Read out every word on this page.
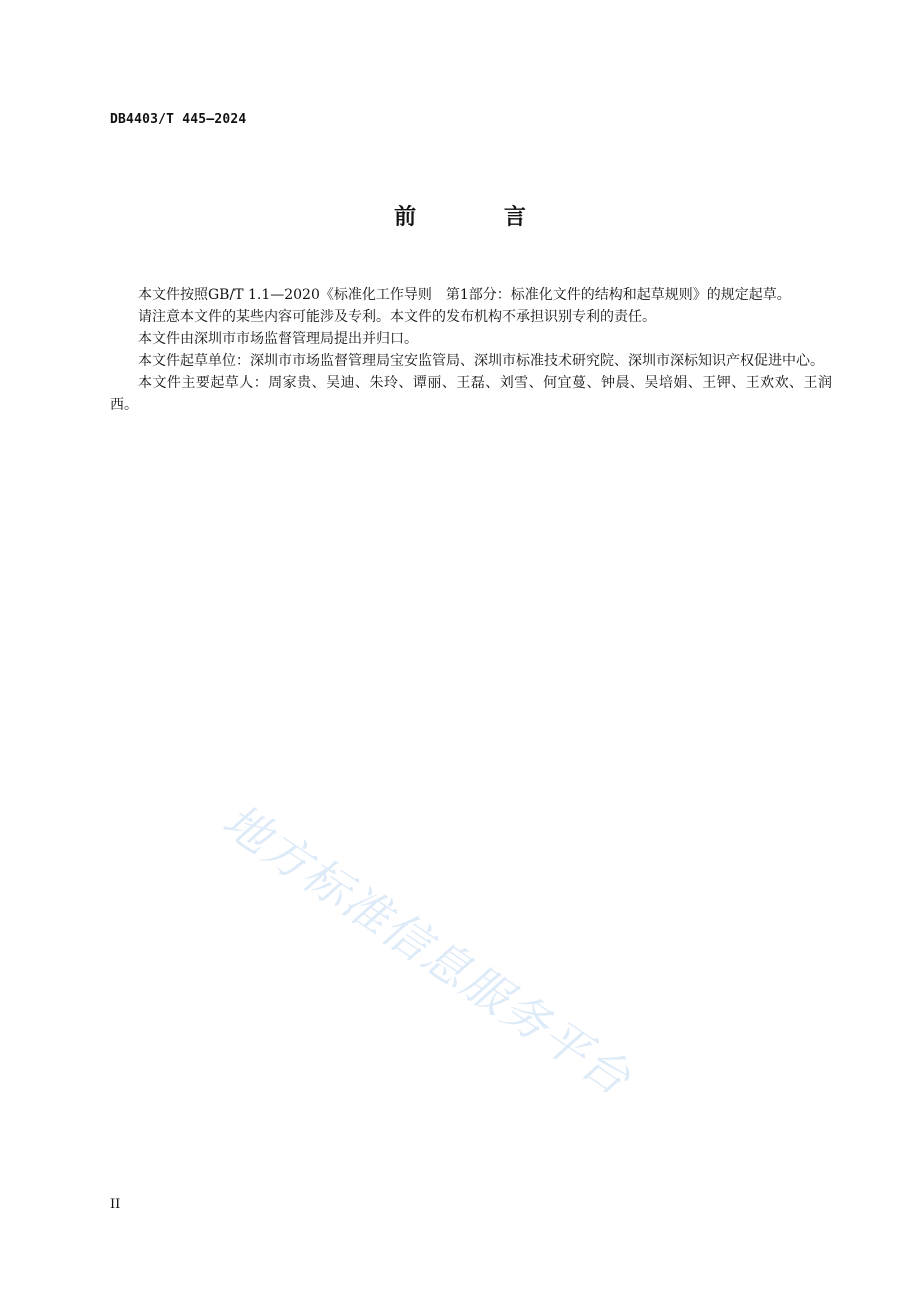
DB4403/T 445—2024
前 言

本文件按照GB/T 1.1—2020《标准化工作导则　第1部分：标准化文件的结构和起草规则》的规定起草。

请注意本文件的某些内容可能涉及专利。本文件的发布机构不承担识别专利的责任。

本文件由深圳市市场监督管理局提出并归口。

本文件起草单位：深圳市市场监督管理局宝安监管局、深圳市标准技术研究院、深圳市深标知识产权促进中心。

本文件主要起草人：周家贵、吴迪、朱玲、谭丽、王磊、刘雪、何宜蔓、钟晨、吴培娟、王钾、王欢欢、王润西。

地方标准信息服务平台
II
